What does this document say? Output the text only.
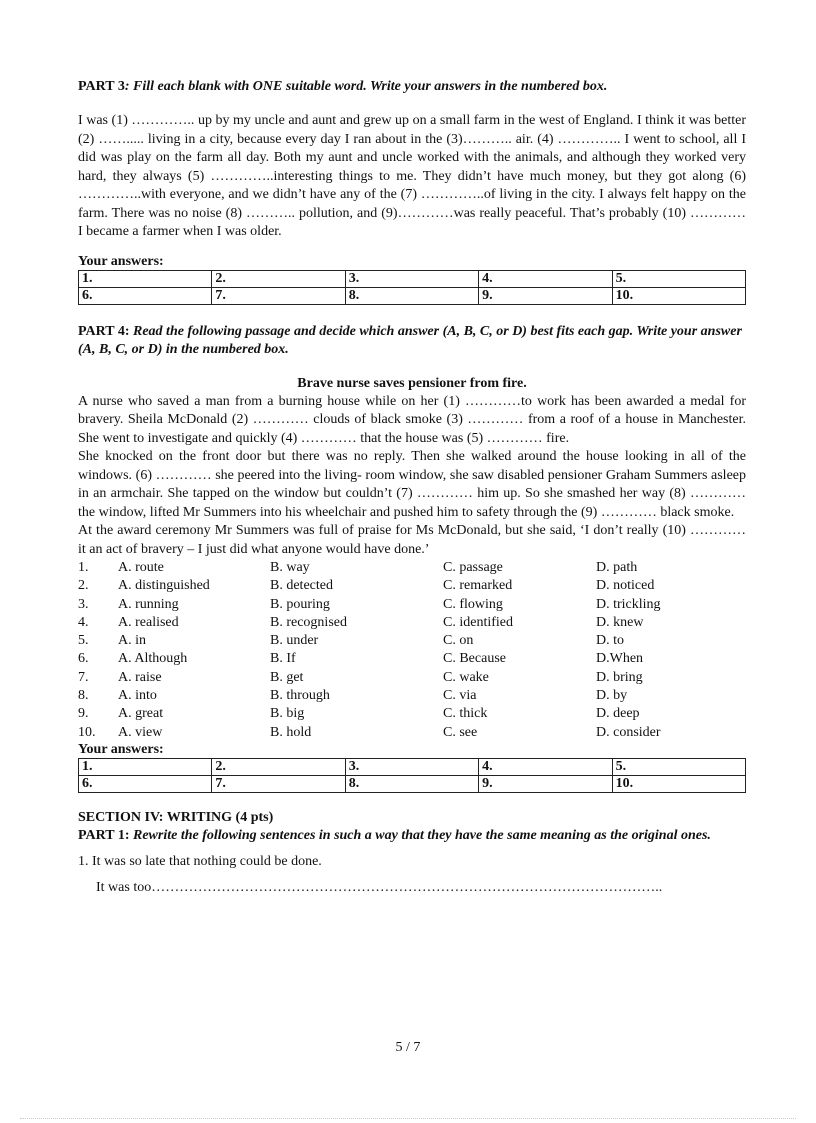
PART 3: Fill each blank with ONE suitable word. Write your answers in the numbered box.

I was (1) ………….. up by my uncle and aunt and grew up on a small farm in the west of England. I think it was better (2) ……..... living in a city, because every day I ran about in the (3)……….. air. (4) ………….. I went to school, all I did was play on the farm all day. Both my aunt and uncle worked with the animals, and although they worked very hard, they always (5) …………..interesting things to me. They didn’t have much money, but they got along (6) …………..with everyone, and we didn’t have any of the (7) …………..of living in the city. I always felt happy on the farm. There was no noise (8) ……….. pollution, and (9)…………was really peaceful. That’s probably (10) ………… I became a farmer when I was older.

Your answers:

1.	2.	3.	4.	5.
6.	7.	8.	9.	10.

PART 4: Read the following passage and decide which answer (A, B, C, or D) best fits each gap. Write your answer (A, B, C, or D) in the numbered box.

Brave nurse saves pensioner from fire.

A nurse who saved a man from a burning house while on her (1) …………to work has been awarded a medal for bravery. Sheila McDonald (2) ………… clouds of black smoke (3) ………… from a roof of a house in Manchester. She went to investigate and quickly (4) ………… that the house was (5) ………… fire.

She knocked on the front door but there was no reply. Then she walked around the house looking in all of the windows. (6) ………… she peered into the living- room window, she saw disabled pensioner Graham Summers asleep in an armchair. She tapped on the window but couldn’t (7) ………… him up. So she smashed her way (8) ………… the window, lifted Mr Summers into his wheelchair and pushed him to safety through the (9) ………… black smoke.

At the award ceremony Mr Summers was full of praise for Ms McDonald, but she said, ‘I don’t really (10) ………… it an act of bravery – I just did what anyone would have done.’

1.	A. route	B. way	C. passage	D. path
2.	A. distinguished	B. detected	C. remarked	D. noticed
3.	A. running	B. pouring	C. flowing	D. trickling
4.	A. realised	B. recognised	C. identified	D. knew
5.	A. in	B. under	C. on	D. to
6.	A. Although	B. If	C. Because	D.When
7.	A. raise	B. get	C. wake	D. bring
8.	A. into	B. through	C. via	D. by
9.	A. great	B. big	C. thick	D. deep
10.	A. view	B. hold	C. see	D. consider

Your answers:

1.	2.	3.	4.	5.
6.	7.	8.	9.	10.

SECTION IV: WRITING (4 pts)

PART 1: Rewrite the following sentences in such a way that they have the same meaning as the original ones.

1. It was so late that nothing could be done.

It was too………………………………………………………………………………………………..

5 / 7
